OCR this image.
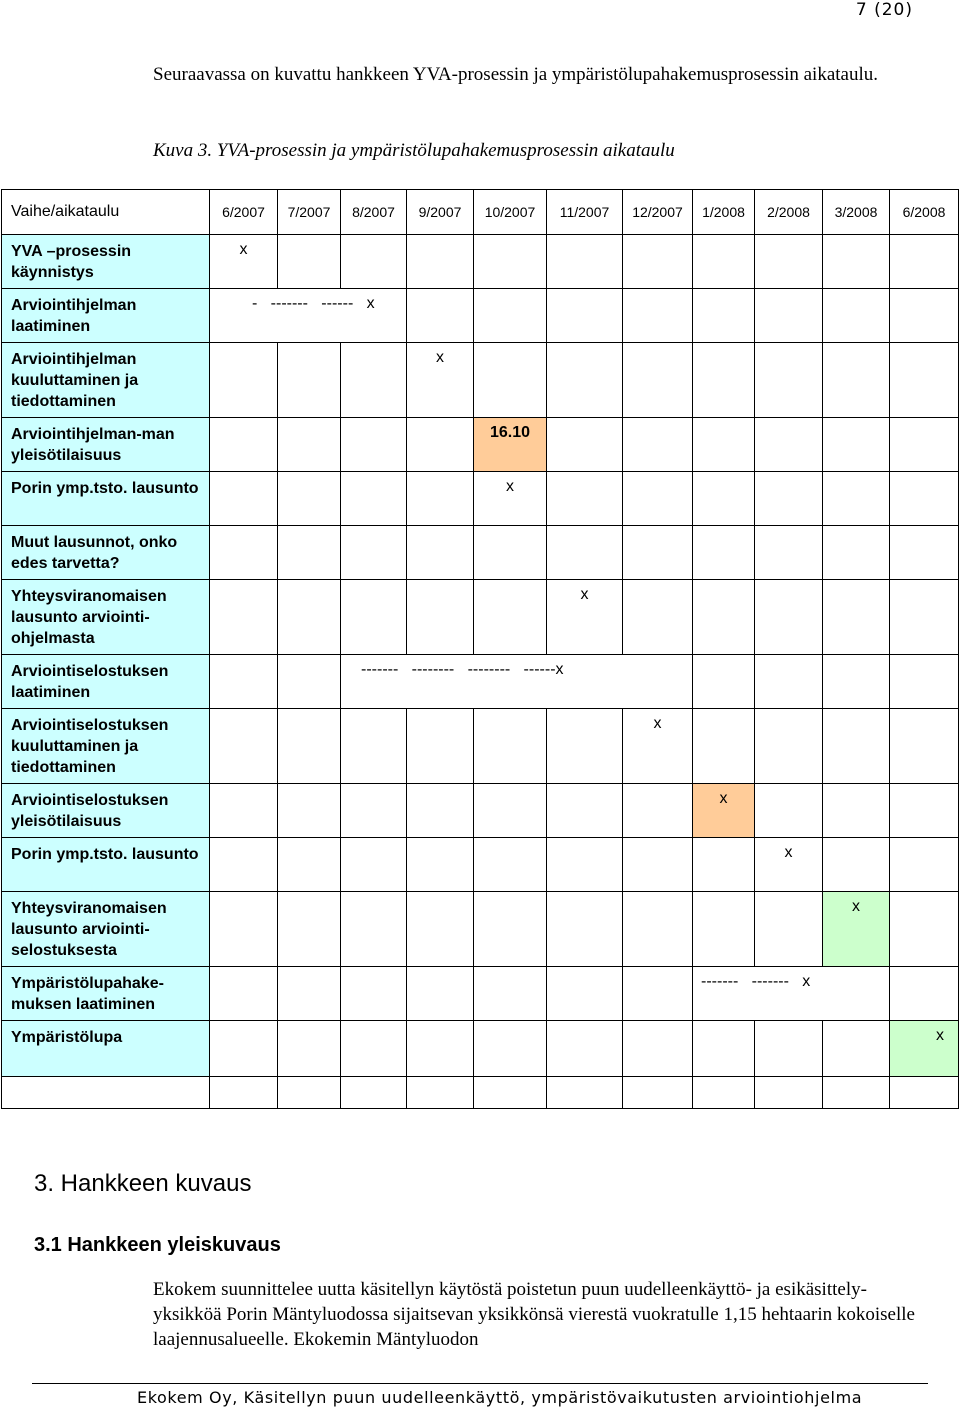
7 (20)
Seuraavassa on kuvattu hankkeen YVA-prosessin ja ympäristölupahakemusprosessin aikataulu.
Kuva 3. YVA-prosessin ja ympäristölupahakemusprosessin aikataulu
Vaihe/aikataulu	6/2007	7/2007	8/2007	9/2007	10/2007	11/2007	12/2007	1/2008	2/2008	3/2008	6/2008
YVA –prosessin käynnistys	x										
Arviointihjelman laatiminen	-   -------   ------   x										
Arviointihjelman kuuluttaminen ja tiedottaminen				x							
Arviointihjelman-man yleisötilaisuus					16.10						
Porin ymp.tsto. lausunto					x						
Muut lausunnot, onko edes tarvetta?											
Yhteysviranomaisen lausunto arviointi-ohjelmasta						x					
Arviointiselostuksen laatiminen			-------   --------   --------   ------x								
Arviointiselostuksen kuuluttaminen ja tiedottaminen							x				
Arviointiselostuksen yleisötilaisuus								x			
Porin ymp.tsto. lausunto									x		
Yhteysviranomaisen lausunto arviointi-selostuksesta										x	
Ympäristölupahake-muksen laatiminen								-------   -------   x			
Ympäristölupa											x

3. Hankkeen kuvaus
3.1 Hankkeen yleiskuvaus
Ekokem suunnittelee uutta käsitellyn käytöstä poistetun puun uudelleenkäyttö- ja esikäsittely-yksikköä Porin Mäntyluodossa sijaitsevan yksikkönsä vierestä vuokratulle 1,15 hehtaarin kokoiselle laajennusalueelle. Ekokemin Mäntyluodon
Ekokem Oy, Käsitellyn puun uudelleenkäyttö, ympäristövaikutusten arviointiohjelma
